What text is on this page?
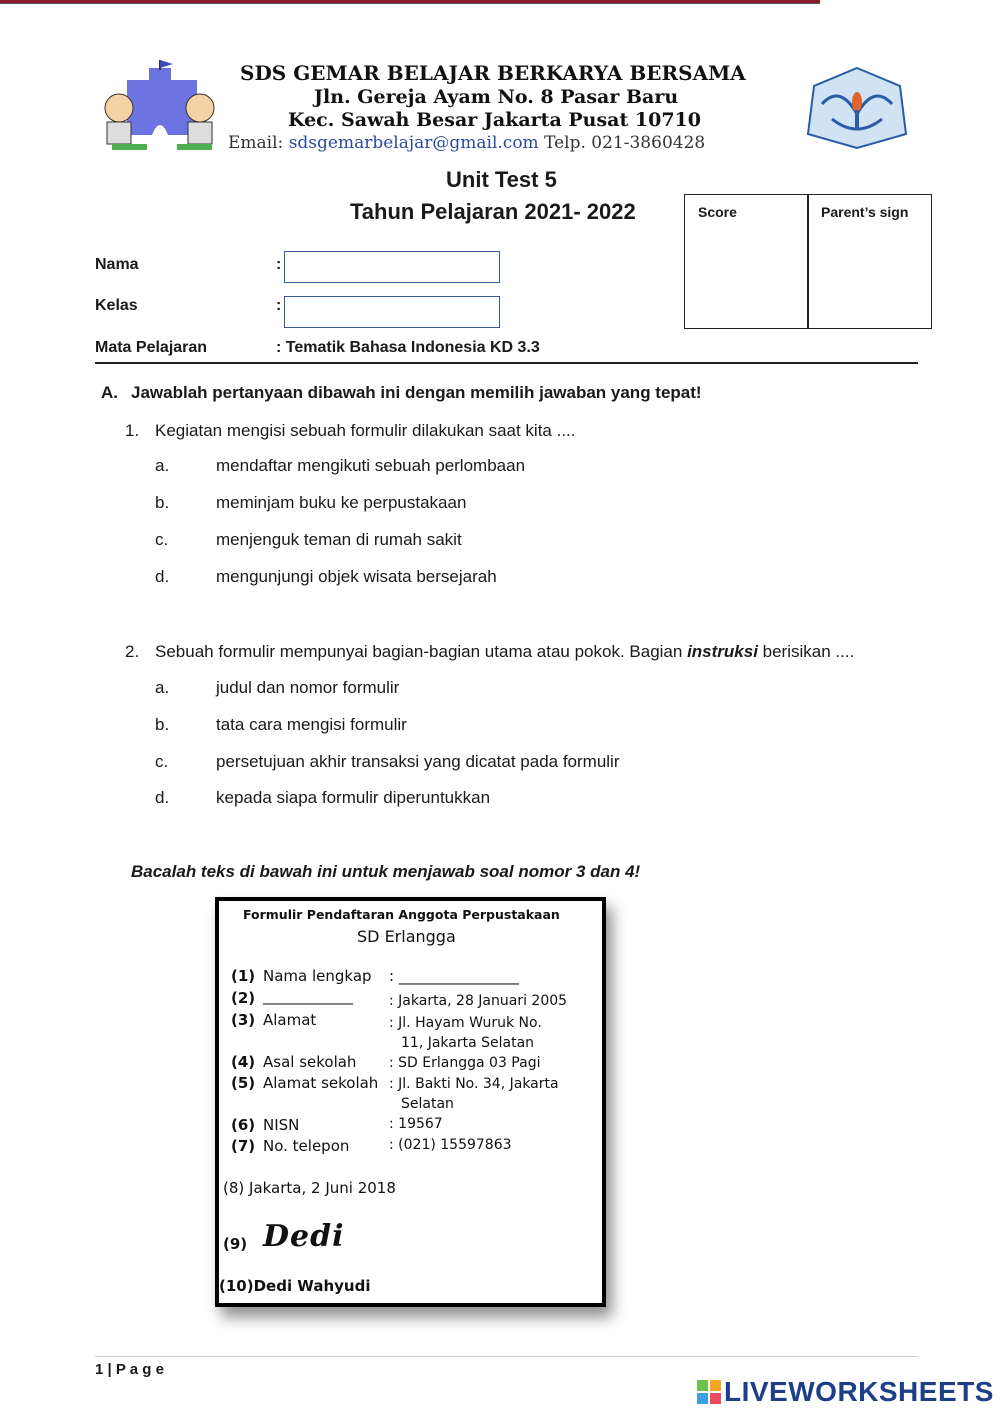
SDS GEMAR BELAJAR BERKARYA BERSAMA
Jln. Gereja Ayam No. 8 Pasar Baru
Kec. Sawah Besar Jakarta Pusat 10710
Email: sdsgemarbelajar@gmail.com Telp. 021-3860428
Unit Test 5
Tahun Pelajaran 2021- 2022	Score	Parent’s sign
Nama	:
Kelas	:
Mata Pelajaran	: Tematik Bahasa Indonesia KD 3.3
A. Jawablah pertanyaan dibawah ini dengan memilih jawaban yang tepat!
1. Kegiatan mengisi sebuah formulir dilakukan saat kita ....
a.	mendaftar mengikuti sebuah perlombaan
b.	meminjam buku ke perpustakaan
c.	menjenguk teman di rumah sakit
d.	mengunjungi objek wisata bersejarah
2. Sebuah formulir mempunyai bagian-bagian utama atau pokok. Bagian instruksi berisikan ....
a.	judul dan nomor formulir
b.	tata cara mengisi formulir
c.	persetujuan akhir transaksi yang dicatat pada formulir
d.	kepada siapa formulir diperuntukkan
Bacalah teks di bawah ini untuk menjawab soal nomor 3 dan 4!
Formulir Pendaftaran Anggota Perpustakaan
SD Erlangga
(1) Nama lengkap : ________________
(2) ____________	: Jakarta, 28 Januari 2005
(3) Alamat	: Jl. Hayam Wuruk No.
11, Jakarta Selatan
(4) Asal sekolah : SD Erlangga 03 Pagi
(5) Alamat sekolah : Jl. Bakti No. 34, Jakarta
Selatan
(6) NISN	: 19567
(7) No. telepon	: (021) 15597863
(8) Jakarta, 2 Juni 2018
(9) Dedi
(10)Dedi Wahyudi
1 | P a g e
LIVEWORKSHEETS
